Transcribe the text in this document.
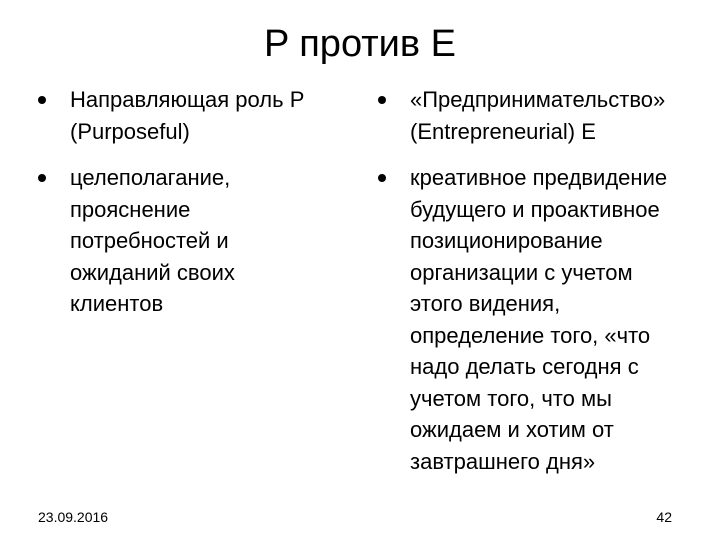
P против E
Направляющая роль P
(Purposeful)
целеполагание,
прояснение
потребностей и
ожиданий своих
клиентов
«Предпринимательство»
(Entrepreneurial) E
креативное предвидение
будущего и проактивное
позиционирование
организации с учетом
этого видения,
определение того, «что
надо делать сегодня с
учетом того, что мы
ожидаем и хотим от
завтрашнего дня»
23.09.2016	42
